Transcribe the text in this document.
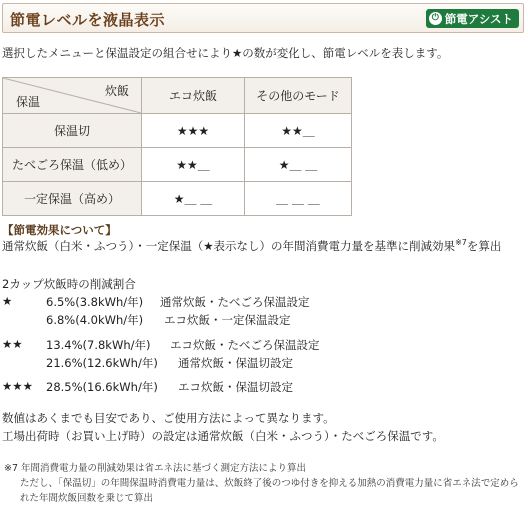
節電レベルを液晶表示	⏻ 節電アシスト
選択したメニューと保温設定の組合せにより★の数が変化し、節電レベルを表します。
炊飯
保温	エコ炊飯	その他のモード
保温切	★★★	★★＿
たべごろ保温（低め）	★★＿	★＿ ＿
一定保温（高め）	★＿ ＿	＿ ＿ ＿
【節電効果について】
通常炊飯（白米・ふつう）・一定保温（★表示なし）の年間消費電力量を基準に削減効果$^{※7}$を算出
2カップ炊飯時の削減割合
★	6.5%(3.8kWh/年) 通常炊飯・たべごろ保温設定
6.8%(4.0kWh/年) エコ炊飯・一定保温設定
★★ 13.4%(7.8kWh/年) エコ炊飯・たべごろ保温設定
21.6%(12.6kWh/年) 通常炊飯・保温切設定
★★★ 28.5%(16.6kWh/年) エコ炊飯・保温切設定
数値はあくまでも目安であり、ご使用方法によって異なります。
工場出荷時（お買い上げ時）の設定は通常炊飯（白米・ふつう）・たべごろ保温です。
※7 年間消費電力量の削減効果は省エネ法に基づく測定方法により算出
ただし、「保温切」の年間保温時消費電力量は、炊飯終了後のつゆ付きを抑える加熱の消費電力量に省エネ法で定めら
れた年間炊飯回数を乗じて算出
